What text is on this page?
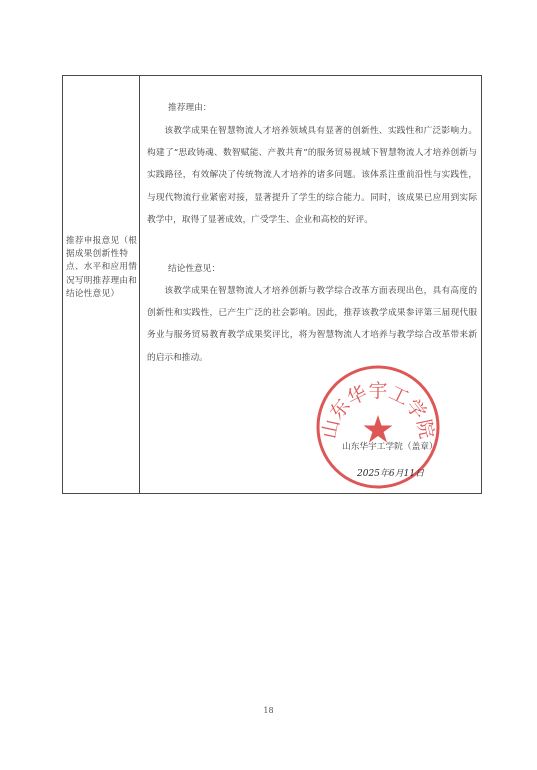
推荐申报意见（根据成果创新性特点、水平和应用情况写明推荐理由和结论性意见）
推荐理由：
该教学成果在智慧物流人才培养领域具有显著的创新性、实践性和广泛影响力。构建了“思政铸魂、数智赋能、产教共育”的服务贸易视域下智慧物流人才培养创新与实践路径，有效解决了传统物流人才培养的诸多问题。该体系注重前沿性与实践性，与现代物流行业紧密对接，显著提升了学生的综合能力。同时，该成果已应用到实际教学中，取得了显著成效，广受学生、企业和高校的好评。
结论性意见：
该教学成果在智慧物流人才培养创新与教学综合改革方面表现出色，具有高度的创新性和实践性，已产生广泛的社会影响。因此，推荐该教学成果参评第三届现代服务业与服务贸易教育教学成果奖评比，将为智慧物流人才培养与教学综合改革带来新的启示和推动。
山东华宇工学院
山东华宇工学院（盖章）
2025年6月11日
18
